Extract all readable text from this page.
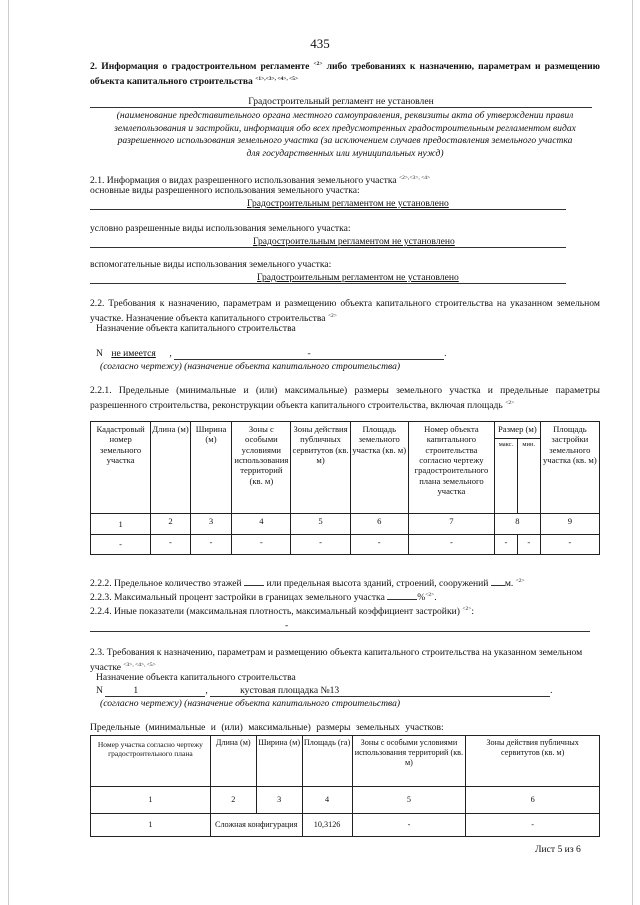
435
2. Информация о градостроительном регламенте $^{<2>}$ либо требованиях к назначению, параметрам и размещению объекта капитального строительства $^{<1>,<3>, <4>, <5>}$
Градостроительный регламент не установлен
(наименование представительного органа местного самоуправления, реквизиты акта об утверждении правил землепользования и застройки, информация обо всех предусмотренных градостроительным регламентом видах разрешенного использования земельного участка (за исключением случаев предоставления земельного участка для государственных или муниципальных нужд)
2.1. Информация о видах разрешенного использования земельного участка $^{<2>,<3>, <4>}$
основные виды разрешенного использования земельного участка:
Градостроительным регламентом не установлено
условно разрешенные виды использования земельного участка:
Градостроительным регламентом не установлено
вспомогательные виды использования земельного участка:
Градостроительным регламентом не установлено
2.2. Требования к назначению, параметрам и размещению объекта капитального строительства на указанном земельном участке. Назначение объекта капитального строительства $^{<2>}$
Назначение объекта капитального строительства
N не имеется ,	-	.
(согласно чертежу) (назначение объекта капитального строительства)
2.2.1. Предельные (минимальные и (или) максимальные) размеры земельного участка и предельные параметры разрешенного строительства, реконструкции объекта капитального строительства, включая площадь $^{<2>}$
Кадастровый номер земельного участка	Длина (м)	Ширина (м)	Зоны с особыми условиями использования территорий (кв. м)	Зоны действия публичных сервитутов (кв. м)	Площадь земельного участка (кв. м)	Номер объекта капитального строительства согласно чертежу градостроительного плана земельного участка	Размер (м)		Площадь застройки земельного участка (кв. м)
							макс.	мин.	
1	2	3	4	5	6	7	8		9
-	-	-	-	-	-	-	-	-	-
2.2.2. Предельное количество этажей	или предельная высота зданий, строений, сооружений м. $^{<2>}$
2.2.3. Максимальный процент застройки в границах земельного участка	%$^{<2>}$.
2.2.4. Иные показатели (максимальная плотность, максимальный коэффициент застройки) $^{<2>}$:
-
2.3. Требования к назначению, параметрам и размещению объекта капитального строительства на указанном земельном участке $^{<3>, <4>, <5>}$
Назначение объекта капитального строительства
N	1	,	кустовая площадка №13	.
(согласно чертежу) (назначение объекта капитального строительства)
Предельные (минимальные и (или) максимальные) размеры земельных участков:
Номер участка согласно чертежу градостроительного плана	Длина (м)	Ширина (м)	Площадь (га)	Зоны с особыми условиями использования территорий (кв. м)	Зоны действия публичных сервитутов (кв. м)
1	2	3	4	5	6
1	Сложная конфигурация		10,3126	-	-
Лист 5 из 6
